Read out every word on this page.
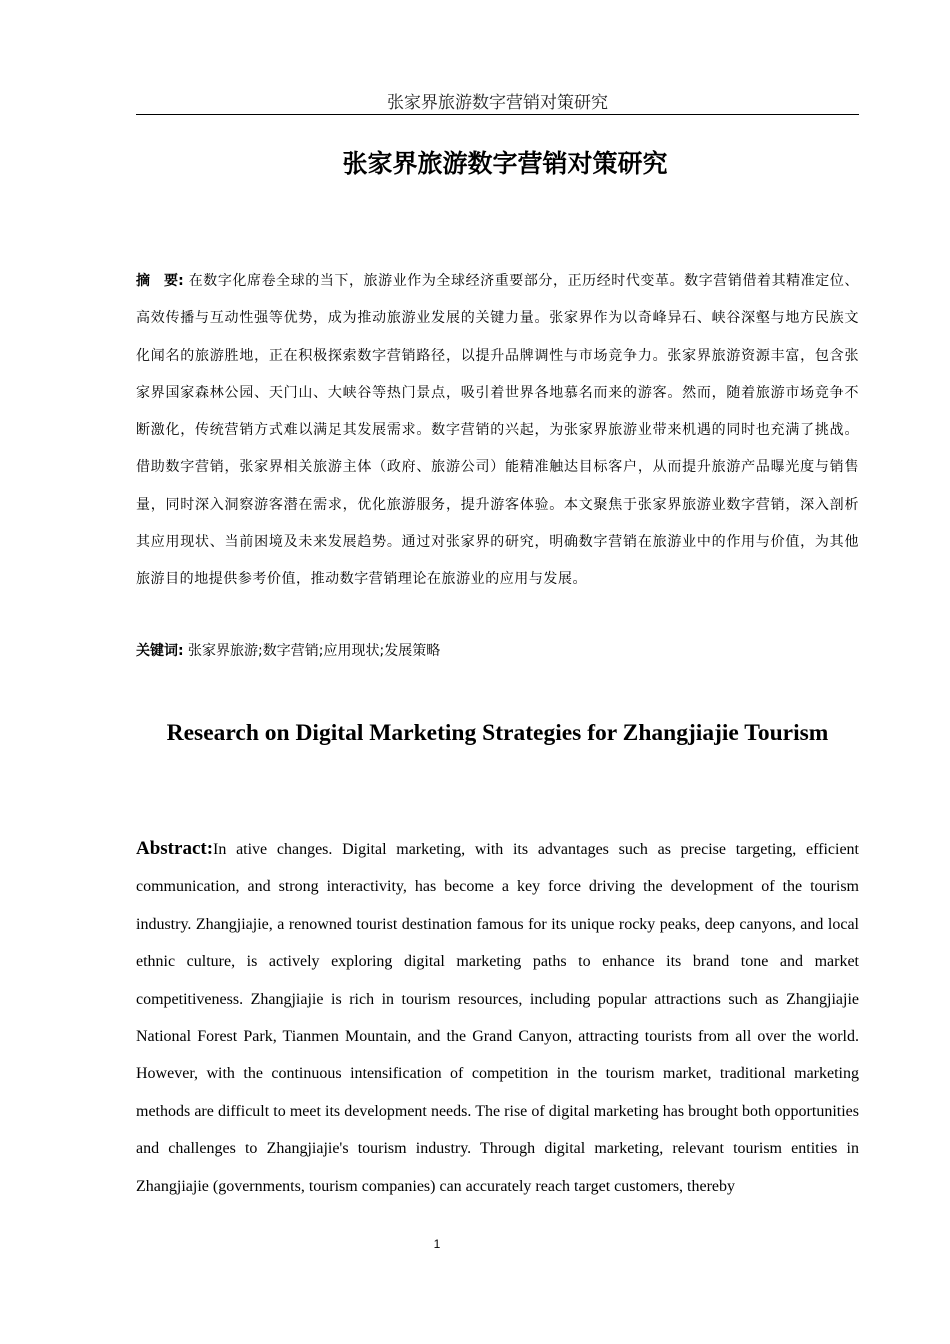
张家界旅游数字营销对策研究
张家界旅游数字营销对策研究
摘　要: 在数字化席卷全球的当下，旅游业作为全球经济重要部分，正历经时代变革。数字营销借着其精准定位、高效传播与互动性强等优势，成为推动旅游业发展的关键力量。张家界作为以奇峰异石、峡谷深壑与地方民族文化闻名的旅游胜地，正在积极探索数字营销路径，以提升品牌调性与市场竞争力。张家界旅游资源丰富，包含张家界国家森林公园、天门山、大峡谷等热门景点，吸引着世界各地慕名而来的游客。然而，随着旅游市场竞争不断激化，传统营销方式难以满足其发展需求。数字营销的兴起，为张家界旅游业带来机遇的同时也充满了挑战。借助数字营销，张家界相关旅游主体（政府、旅游公司）能精准触达目标客户，从而提升旅游产品曝光度与销售量，同时深入洞察游客潜在需求，优化旅游服务，提升游客体验。本文聚焦于张家界旅游业数字营销，深入剖析其应用现状、当前困境及未来发展趋势。通过对张家界的研究，明确数字营销在旅游业中的作用与价值，为其他旅游目的地提供参考价值，推动数字营销理论在旅游业的应用与发展。
关键词: 张家界旅游;数字营销;应用现状;发展策略
Research on Digital Marketing Strategies for Zhangjiajie Tourism
Abstract:In ative changes. Digital marketing, with its advantages such as precise targeting, efficient communication, and strong interactivity, has become a key force driving the development of the tourism industry. Zhangjiajie, a renowned tourist destination famous for its unique rocky peaks, deep canyons, and local ethnic culture, is actively exploring digital marketing paths to enhance its brand tone and market competitiveness. Zhangjiajie is rich in tourism resources, including popular attractions such as Zhangjiajie National Forest Park, Tianmen Mountain, and the Grand Canyon, attracting tourists from all over the world. However, with the continuous intensification of competition in the tourism market, traditional marketing methods are difficult to meet its development needs. The rise of digital marketing has brought both opportunities and challenges to Zhangjiajie's tourism industry. Through digital marketing, relevant tourism entities in Zhangjiajie (governments, tourism companies) can accurately reach target customers, thereby
1
